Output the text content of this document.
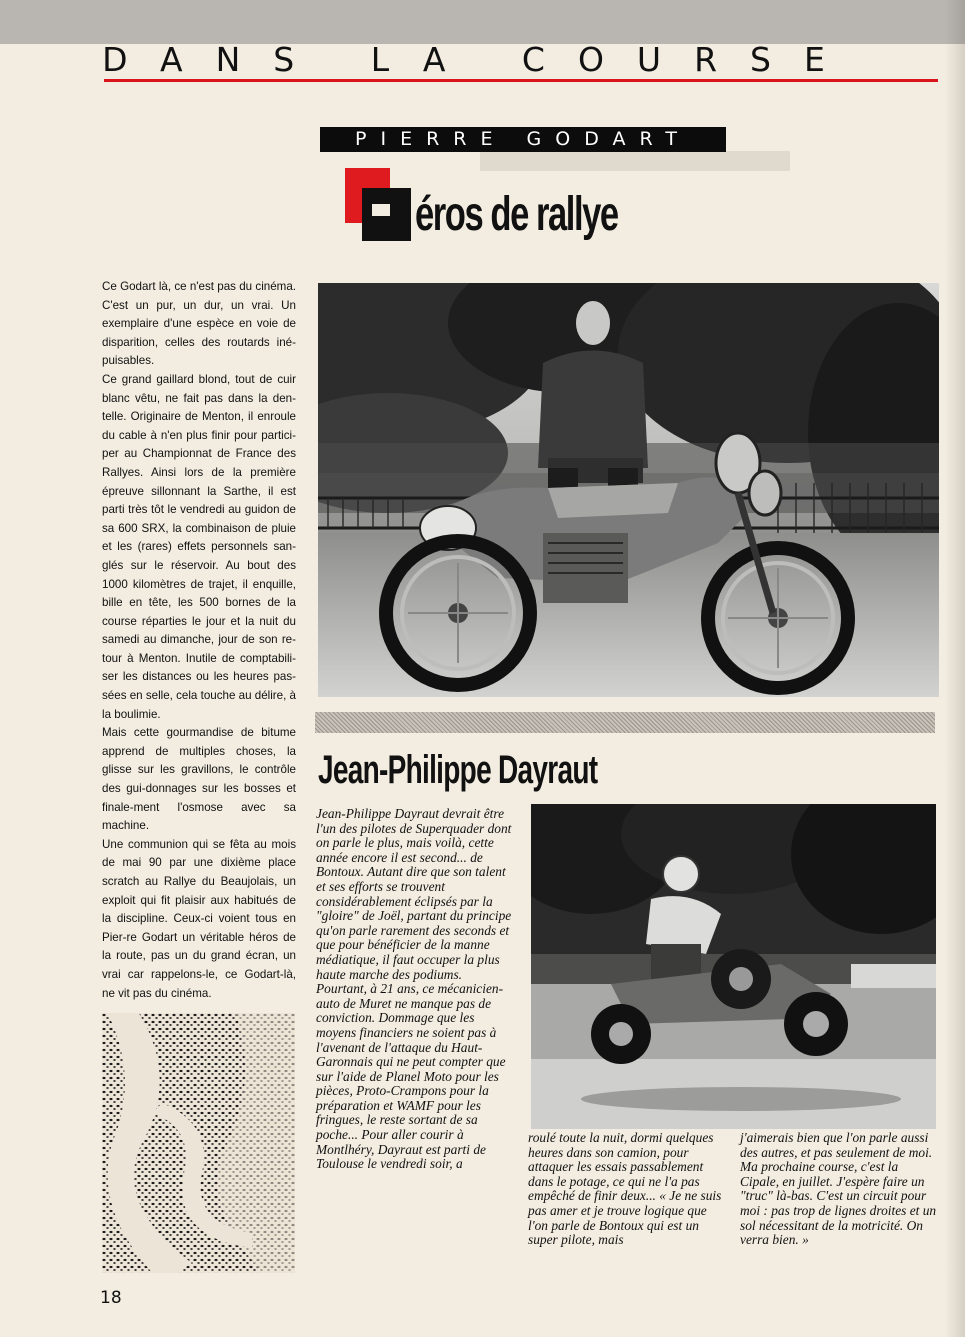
DANS LA COURSE
PIERRE GODART
éros de rallye

Ce Godart là, ce n'est pas du cinéma. C'est un pur, un dur, un vrai. Un exemplaire d'une espèce en voie de disparition, celles des routards iné-puisables.

Ce grand gaillard blond, tout de cuir blanc vêtu, ne fait pas dans la den-telle. Originaire de Menton, il enroule du cable à n'en plus finir pour partici-per au Championnat de France des Rallyes. Ainsi lors de la première épreuve sillonnant la Sarthe, il est parti très tôt le vendredi au guidon de sa 600 SRX, la combinaison de pluie et les (rares) effets personnels san-glés sur le réservoir. Au bout des 1000 kilomètres de trajet, il enquille, bille en tête, les 500 bornes de la course réparties le jour et la nuit du samedi au dimanche, jour de son re-tour à Menton. Inutile de comptabili-ser les distances ou les heures pas-sées en selle, cela touche au délire, à la boulimie.

Mais cette gourmandise de bitume apprend de multiples choses, la glisse sur les gravillons, le contrôle des gui-donnages sur les bosses et finale-ment l'osmose avec sa machine.

Une communion qui se fêta au mois de mai 90 par une dixième place scratch au Rallye du Beaujolais, un exploit qui fit plaisir aux habitués de la discipline. Ceux-ci voient tous en Pier-re Godart un véritable héros de la route, pas un du grand écran, un vrai car rappelons-le, ce Godart-là, ne vit pas du cinéma.

Jean-Philippe Dayraut
Jean-Philippe Dayraut devrait être l'un des pilotes de Superquader dont on parle le plus, mais voilà, cette année encore il est second... de Bontoux. Autant dire que son talent et ses efforts se trouvent considérablement éclipsés par la "gloire" de Joël, partant du principe qu'on parle rarement des seconds et que pour bénéficier de la manne médiatique, il faut occuper la plus haute marche des podiums. Pourtant, à 21 ans, ce mécanicien-auto de Muret ne manque pas de conviction. Dommage que les moyens financiers ne soient pas à l'avenant de l'attaque du Haut-Garonnais qui ne peut compter que sur l'aide de Planel Moto pour les pièces, Proto-Crampons pour la préparation et WAMF pour les fringues, le reste sortant de sa poche... Pour aller courir à Montlhéry, Dayraut est parti de Toulouse le vendredi soir, a
roulé toute la nuit, dormi quelques heures dans son camion, pour attaquer les essais passablement dans le potage, ce qui ne l'a pas empêché de finir deux... « Je ne suis pas amer et je trouve logique que l'on parle de Bontoux qui est un super pilote, mais
j'aimerais bien que l'on parle aussi des autres, et pas seulement de moi. Ma prochaine course, c'est la Cipale, en juillet. J'espère faire un "truc" là-bas. C'est un circuit pour moi : pas trop de lignes droites et un sol nécessitant de la motricité. On verra bien. »
18
